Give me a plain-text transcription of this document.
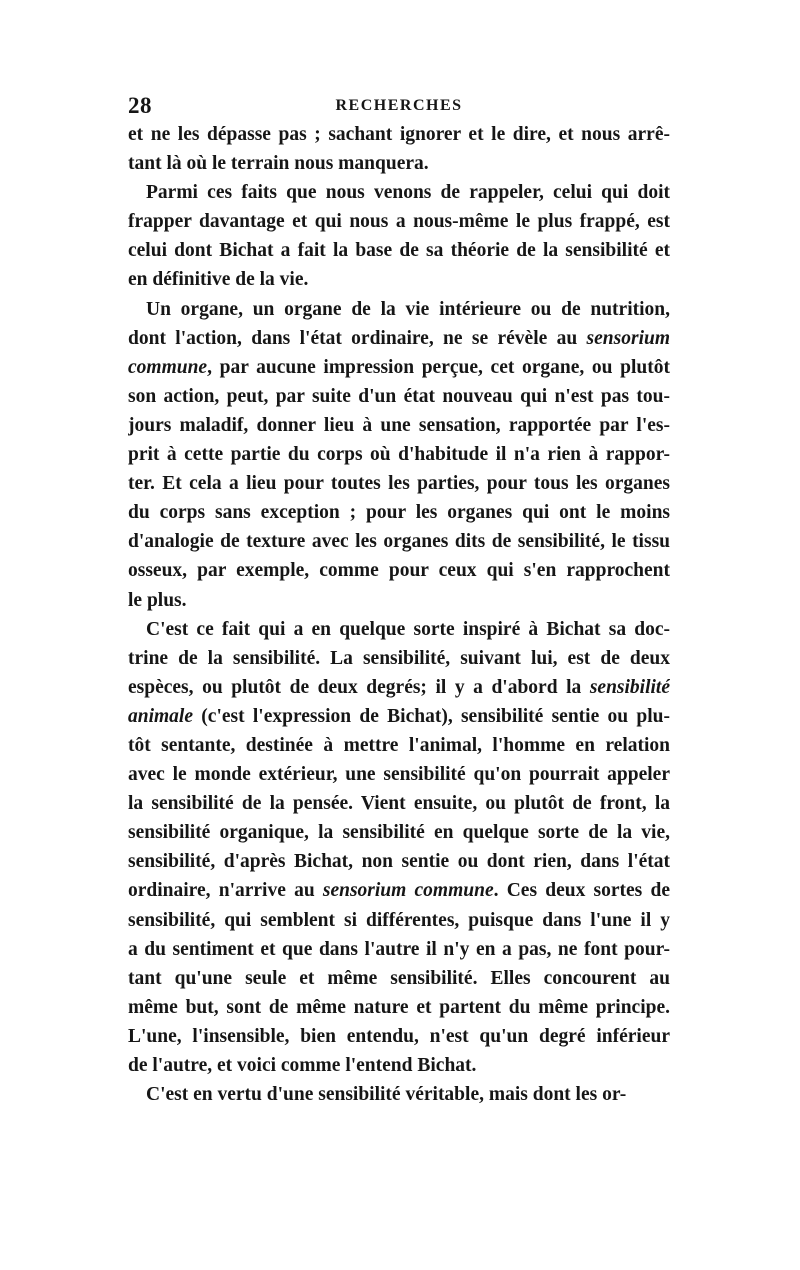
28	RECHERCHES
et ne les dépasse pas ; sachant ignorer et le dire, et nous arrê-
tant là où le terrain nous manquera.
Parmi ces faits que nous venons de rappeler, celui qui doit
frapper davantage et qui nous a nous-même le plus frappé, est
celui dont Bichat a fait la base de sa théorie de la sensibilité et
en définitive de la vie.
Un organe, un organe de la vie intérieure ou de nutrition,
dont l'action, dans l'état ordinaire, ne se révèle au sensorium
commune, par aucune impression perçue, cet organe, ou plutôt
son action, peut, par suite d'un état nouveau qui n'est pas tou-
jours maladif, donner lieu à une sensation, rapportée par l'es-
prit à cette partie du corps où d'habitude il n'a rien à rappor-
ter. Et cela a lieu pour toutes les parties, pour tous les organes
du corps sans exception ; pour les organes qui ont le moins
d'analogie de texture avec les organes dits de sensibilité, le tissu
osseux, par exemple, comme pour ceux qui s'en rapprochent
le plus.
C'est ce fait qui a en quelque sorte inspiré à Bichat sa doc-
trine de la sensibilité. La sensibilité, suivant lui, est de deux
espèces, ou plutôt de deux degrés; il y a d'abord la sensibilité
animale (c'est l'expression de Bichat), sensibilité sentie ou plu-
tôt sentante, destinée à mettre l'animal, l'homme en relation
avec le monde extérieur, une sensibilité qu'on pourrait appeler
la sensibilité de la pensée. Vient ensuite, ou plutôt de front, la
sensibilité organique, la sensibilité en quelque sorte de la vie,
sensibilité, d'après Bichat, non sentie ou dont rien, dans l'état
ordinaire, n'arrive au sensorium commune. Ces deux sortes de
sensibilité, qui semblent si différentes, puisque dans l'une il y
a du sentiment et que dans l'autre il n'y en a pas, ne font pour-
tant qu'une seule et même sensibilité. Elles concourent au
même but, sont de même nature et partent du même principe.
L'une, l'insensible, bien entendu, n'est qu'un degré inférieur
de l'autre, et voici comme l'entend Bichat.
C'est en vertu d'une sensibilité véritable, mais dont les or-
